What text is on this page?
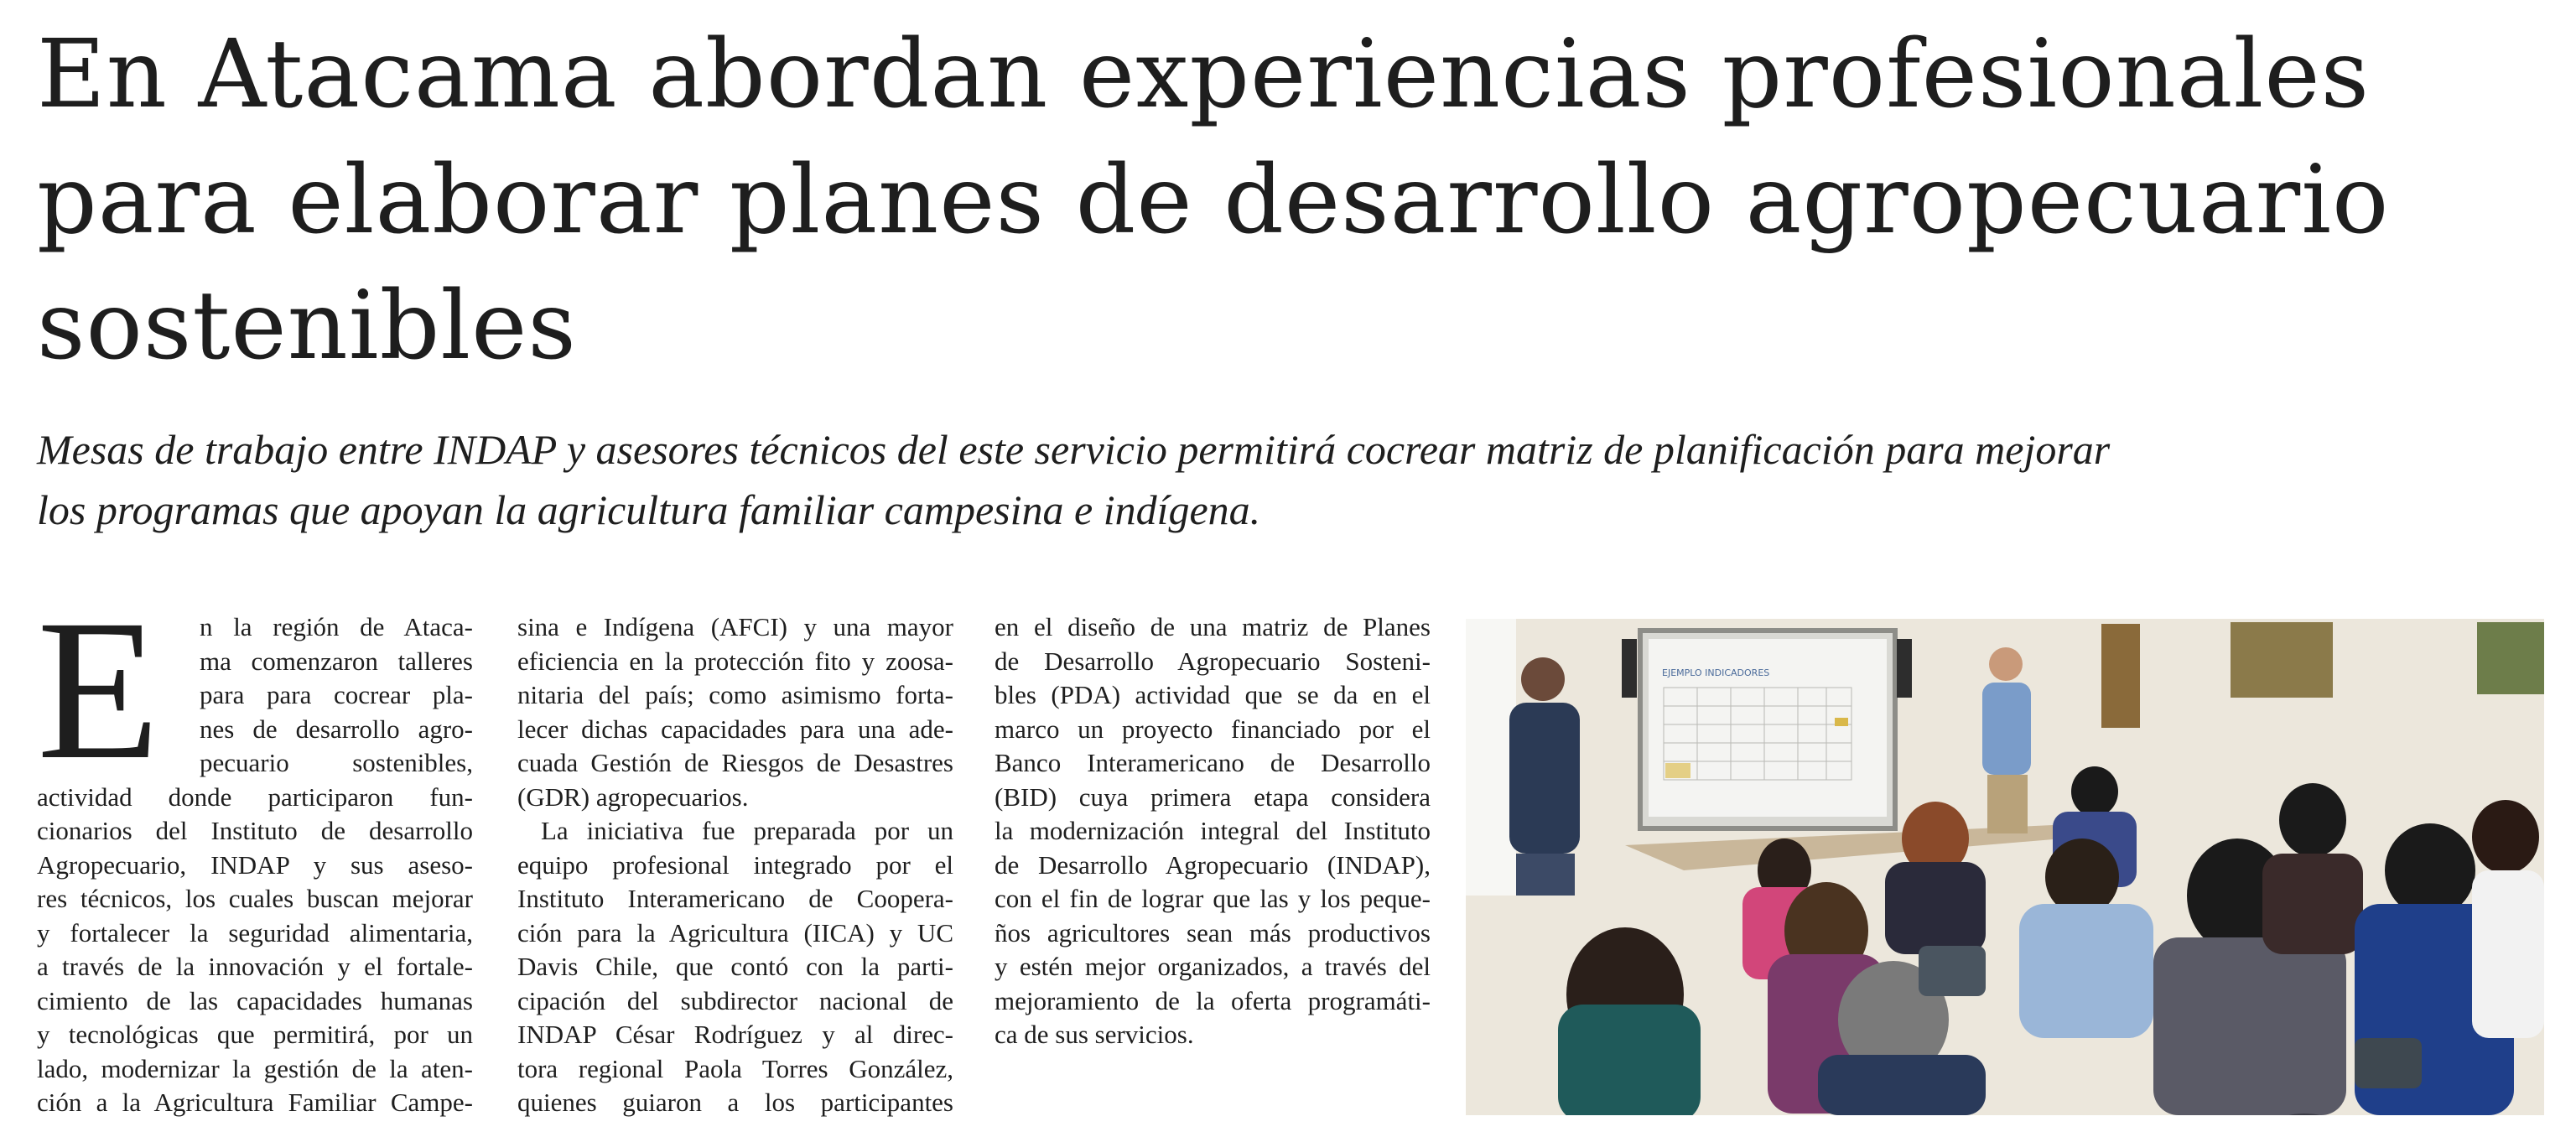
En Atacama abordan experiencias profesionales
para elaborar planes de desarrollo agropecuario
sostenibles

Mesas de trabajo entre INDAP y asesores técnicos del este servicio permitirá cocrear matriz de planificación para mejorar
los programas que apoyan la agricultura familiar campesina e indígena.

E	n la región de Ataca-
ma comenzaron talleres
para para cocrear pla-
nes de desarrollo agro-
pecuario sostenibles,
actividad donde participaron fun-
cionarios del Instituto de desarrollo
Agropecuario, INDAP y sus aseso-
res técnicos, los cuales buscan mejorar
y fortalecer la seguridad alimentaria,
a través de la innovación y el fortale-
cimiento de las capacidades humanas
y tecnológicas que permitirá, por un
lado, modernizar la gestión de la aten-
ción a la Agricultura Familiar Campe-
sina e Indígena (AFCI) y una mayor
eficiencia en la protección fito y zoosa-
nitaria del país; como asimismo forta-
lecer dichas capacidades para una ade-
cuada Gestión de Riesgos de Desastres
(GDR) agropecuarios.
La iniciativa fue preparada por un
equipo profesional integrado por el
Instituto Interamericano de Coopera-
ción para la Agricultura (IICA) y UC
Davis Chile, que contó con la parti-
cipación del subdirector nacional de
INDAP César Rodríguez y al direc-
tora regional Paola Torres González,
quienes guiaron a los participantes
en el diseño de una matriz de Planes
de Desarrollo Agropecuario Sosteni-
bles (PDA) actividad que se da en el
marco un proyecto financiado por el
Banco Interamericano de Desarrollo
(BID) cuya primera etapa considera
la modernización integral del Instituto
de Desarrollo Agropecuario (INDAP),
con el fin de lograr que las y los peque-
ños agricultores sean más productivos
y estén mejor organizados, a través del
mejoramiento de la oferta programáti-
ca de sus servicios.
EJEMPLO INDICADORES
